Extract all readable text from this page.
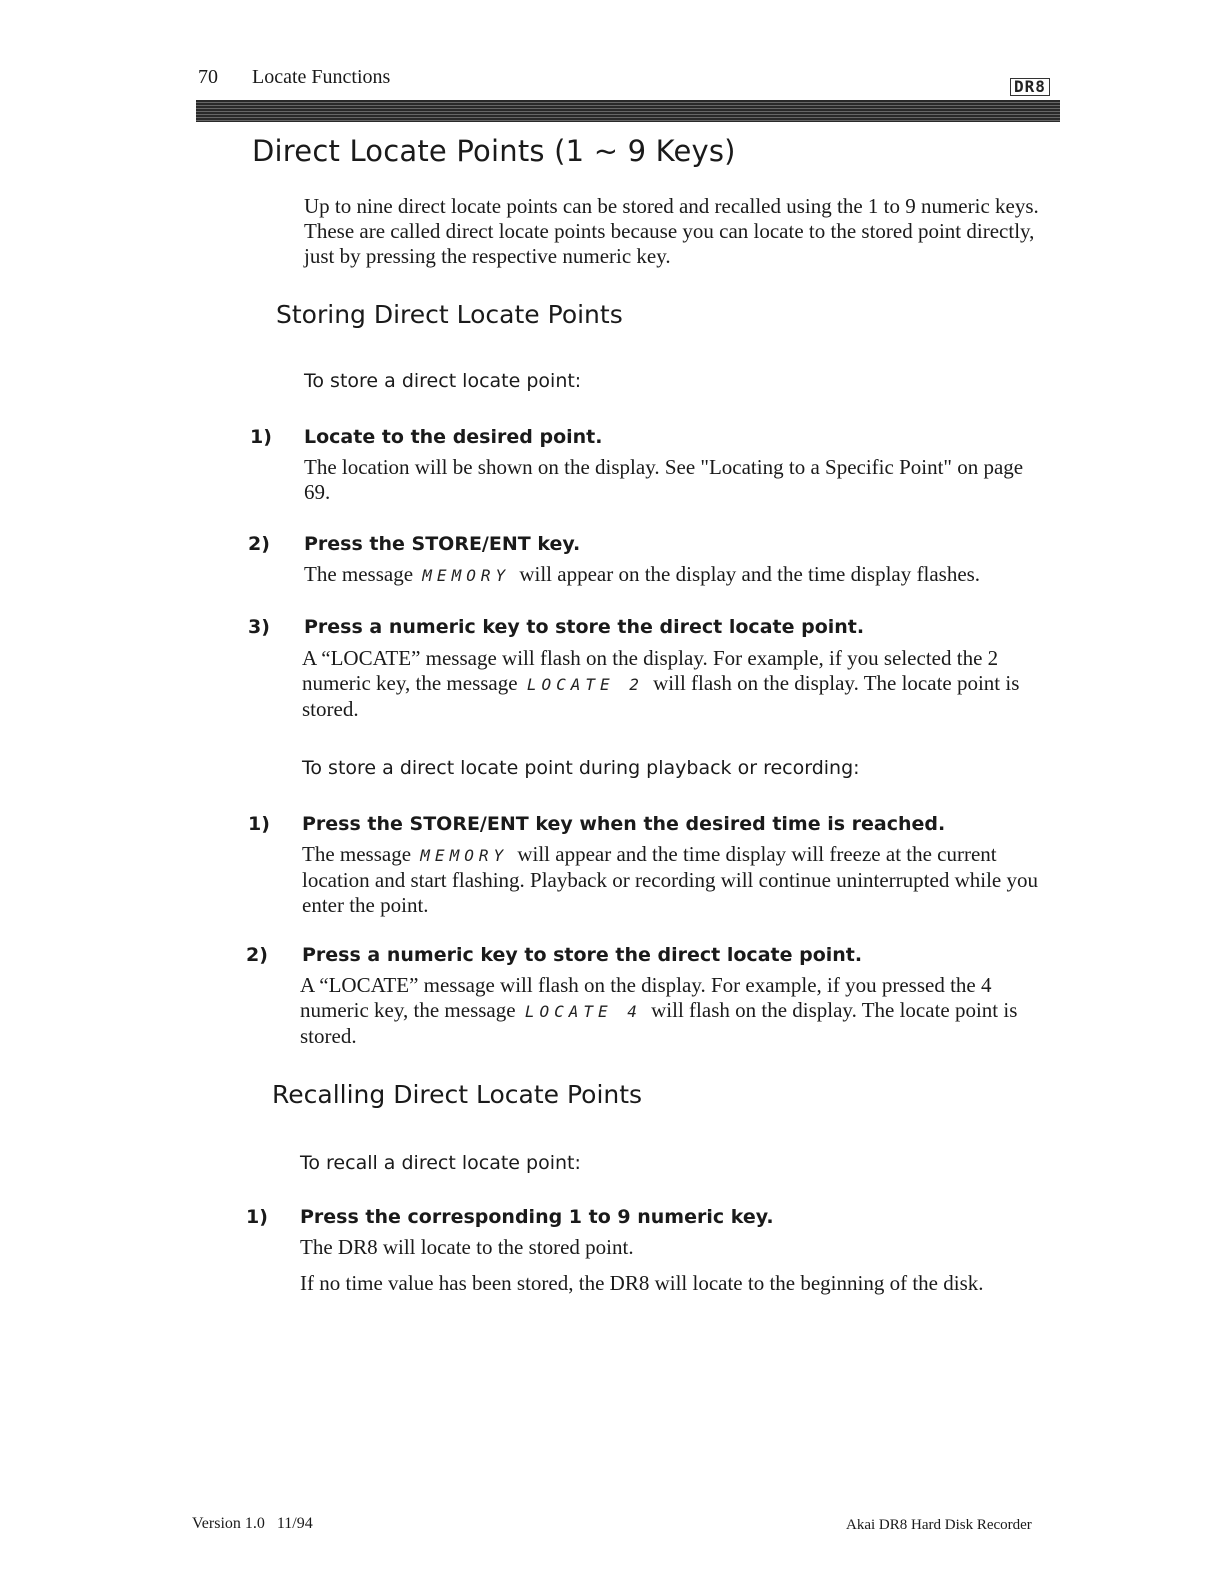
70 Locate Functions	DR8
Direct Locate Points (1 ~ 9 Keys)
Up to nine direct locate points can be stored and recalled using the 1 to 9 numeric keys. These are called direct locate points because you can locate to the stored point directly, just by pressing the respective numeric key.
Storing Direct Locate Points
To store a direct locate point:
1) Locate to the desired point.
The location will be shown on the display. See "Locating to a Specific Point" on page 69.
2) Press the STORE/ENT key.
The message MEMORY will appear on the display and the time display flashes.
3) Press a numeric key to store the direct locate point.
A “LOCATE” message will flash on the display. For example, if you selected the 2 numeric key, the message LOCATE 2 will flash on the display. The locate point is stored.
To store a direct locate point during playback or recording:
1) Press the STORE/ENT key when the desired time is reached.
The message MEMORY will appear and the time display will freeze at the current location and start flashing. Playback or recording will continue uninterrupted while you enter the point.
2) Press a numeric key to store the direct locate point.
A “LOCATE” message will flash on the display. For example, if you pressed the 4 numeric key, the message LOCATE 4 will flash on the display. The locate point is stored.
Recalling Direct Locate Points
To recall a direct locate point:
1) Press the corresponding 1 to 9 numeric key.
The DR8 will locate to the stored point.
If no time value has been stored, the DR8 will locate to the beginning of the disk.
Version 1.0   11/94	Akai DR8 Hard Disk Recorder
